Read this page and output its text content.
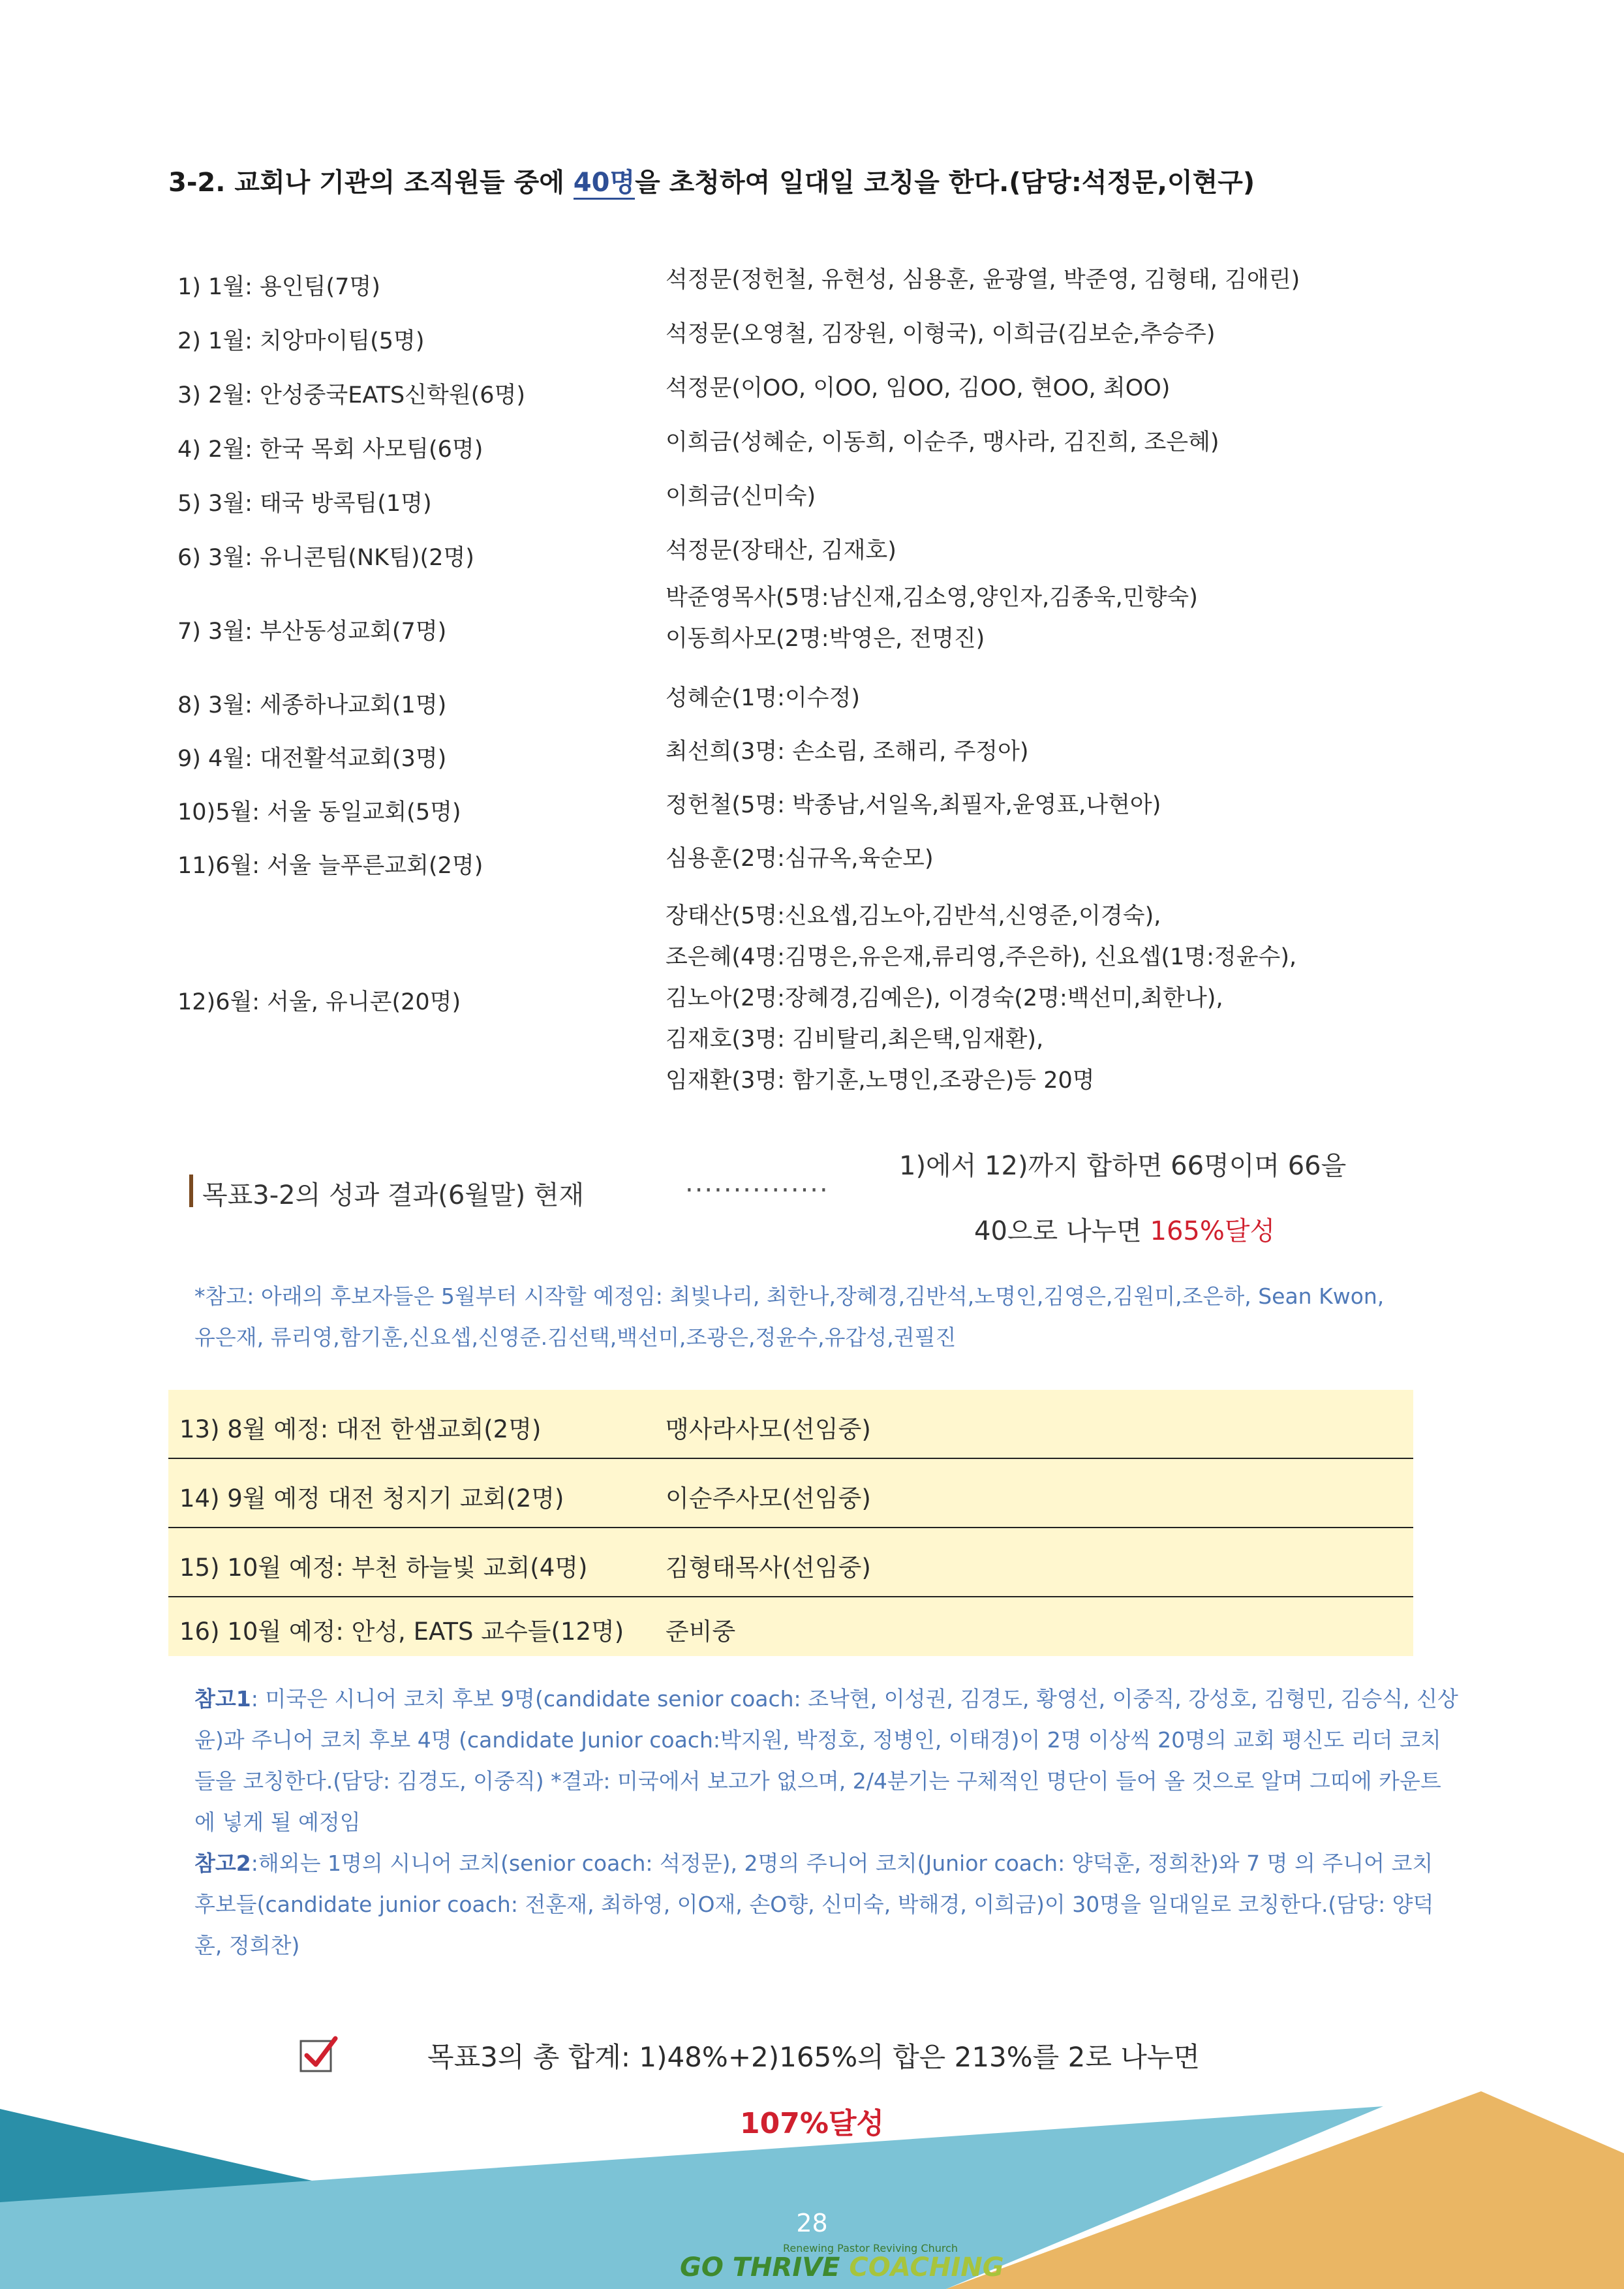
3-2. 교회나 기관의 조직원들 중에 40명을 초청하여 일대일 코칭을 한다.(담당:석정문,이현구)
1) 1월: 용인팀(7명)	석정문(정헌철, 유현성, 심용훈, 윤광열, 박준영, 김형태, 김애린)
2) 1월: 치앙마이팀(5명)	석정문(오영철, 김장원, 이형국), 이희금(김보순,추승주)
3) 2월: 안성중국EATS신학원(6명)	석정문(이OO, 이OO, 임OO, 김OO, 현OO, 최OO)
4) 2월: 한국 목회 사모팀(6명)	이희금(성혜순, 이동희, 이순주, 맹사라, 김진희, 조은혜)
5) 3월: 태국 방콕팀(1명)	이희금(신미숙)
6) 3월: 유니콘팀(NK팀)(2명)	석정문(장태산, 김재호)
7) 3월: 부산동성교회(7명)
박준영목사(5명:남신재,김소영,양인자,김종욱,민향숙)
이동희사모(2명:박영은, 전명진)
8) 3월: 세종하나교회(1명)	성혜순(1명:이수정)
9) 4월: 대전활석교회(3명)	최선희(3명: 손소림, 조해리, 주정아)
10)5월: 서울 동일교회(5명)	정헌철(5명: 박종남,서일옥,최필자,윤영표,나현아)
11)6월: 서울 늘푸른교회(2명)	심용훈(2명:심규옥,육순모)
12)6월: 서울, 유니콘(20명)
장태산(5명:신요셉,김노아,김반석,신영준,이경숙),
조은혜(4명:김명은,유은재,류리영,주은하), 신요셉(1명:정윤수),
김노아(2명:장혜경,김예은), 이경숙(2명:백선미,최한나),
김재호(3명: 김비탈리,최은택,임재환),
임재환(3명: 함기훈,노명인,조광은)등 20명
목표3-2의 성과 결과(6월말) 현재	...............
1)에서 12)까지 합하면 66명이며 66을
40으로 나누면 165%달성
*참고: 아래의 후보자들은 5월부터 시작할 예정임: 최빛나리, 최한나,장혜경,김반석,노명인,김영은,김원미,조은하, Sean Kwon,
유은재, 류리영,함기훈,신요셉,신영준.김선택,백선미,조광은,정윤수,유갑성,권필진
13) 8월 예정: 대전 한샘교회(2명)	맹사라사모(선임중)
14) 9월 예정 대전 청지기 교회(2명)	이순주사모(선임중)
15) 10월 예정: 부천 하늘빛 교회(4명)	김형태목사(선임중)
16) 10월 예정: 안성, EATS 교수들(12명) 준비중
참고1: 미국은 시니어 코치 후보 9명(candidate senior coach: 조낙현, 이성권, 김경도, 황영선, 이중직, 강성호, 김형민, 김승식, 신상윤)과 주니어 코치 후보 4명 (candidate Junior coach:박지원, 박정호, 정병인, 이태경)이 2명 이상씩 20명의 교회 평신도 리더 코치들을 코칭한다.(담당: 김경도, 이중직) *결과: 미국에서 보고가 없으며, 2/4분기는 구체적인 명단이 들어 올 것으로 알며 그띠에 카운트에 넣게 될 예정임
참고2:해외는 1명의 시니어 코치(senior coach: 석정문), 2명의 주니어 코치(Junior coach: 양덕훈, 정희찬)와 7 명 의 주니어 코치 후보들(candidate junior coach: 전훈재, 최하영, 이O재, 손O향, 신미숙, 박해경, 이희금)이 30명을 일대일로 코칭한다.(담당: 양덕훈, 정희찬)
목표3의 총 합계: 1)48%+2)165%의 합은 213%를 2로 나누면
107%달성
28
Renewing Pastor Reviving Church
GO THRIVE COACHING
